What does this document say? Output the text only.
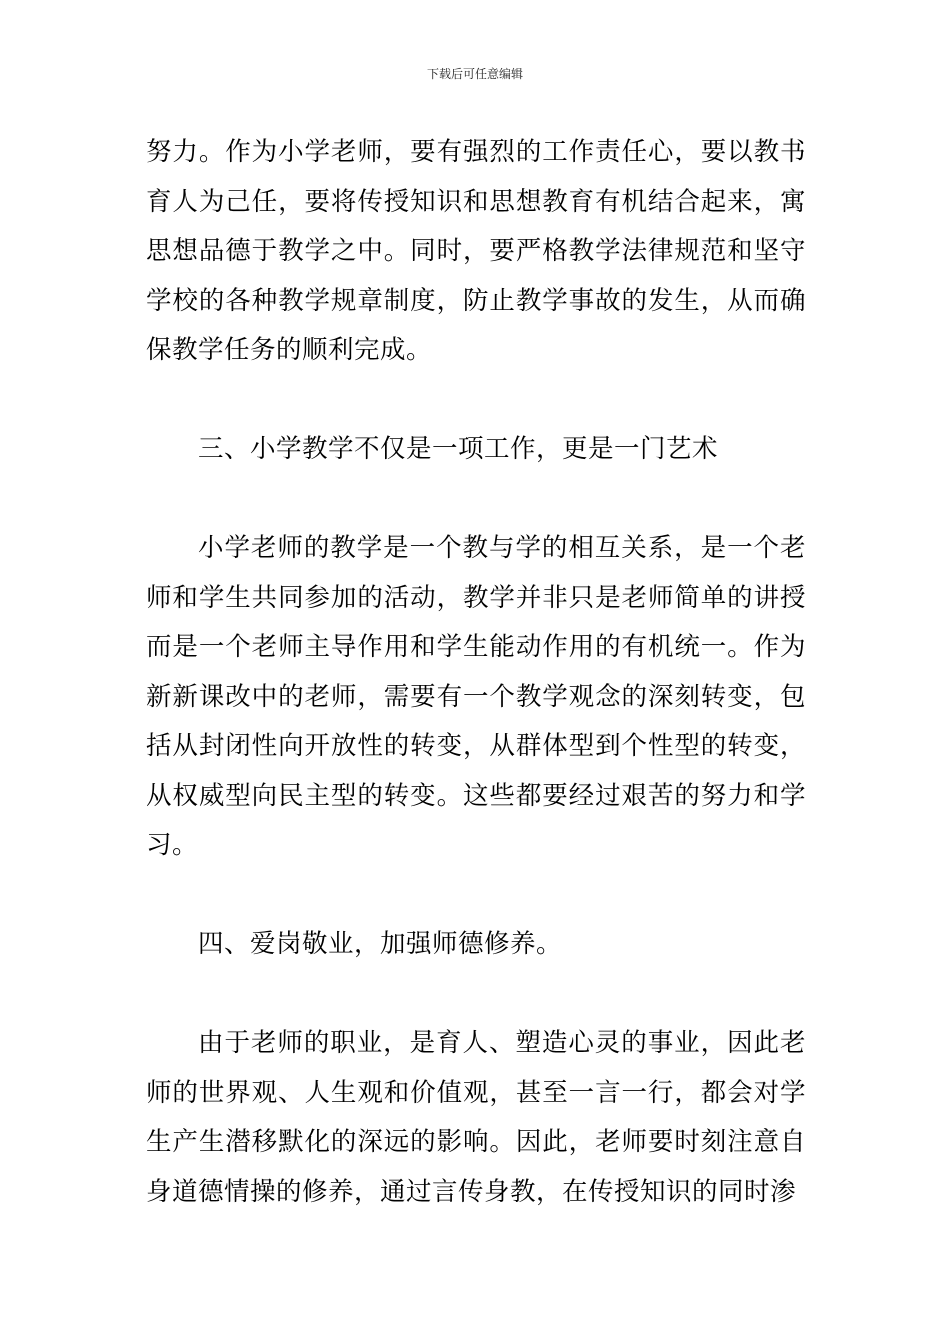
下载后可任意编辑

努力。作为小学老师，要有强烈的工作责任心，要以教书育人为己任，要将传授知识和思想教育有机结合起来，寓思想品德于教学之中。同时，要严格教学法律规范和坚守学校的各种教学规章制度，防止教学事故的发生，从而确保教学任务的顺利完成。

三、小学教学不仅是一项工作，更是一门艺术

小学老师的教学是一个教与学的相互关系，是一个老师和学生共同参加的活动，教学并非只是老师简单的讲授而是一个老师主导作用和学生能动作用的有机统一。作为新新课改中的老师，需要有一个教学观念的深刻转变，包括从封闭性向开放性的转变，从群体型到个性型的转变，从权威型向民主型的转变。这些都要经过艰苦的努力和学习。

四、爱岗敬业，加强师德修养。

由于老师的职业，是育人、塑造心灵的事业，因此老师的世界观、人生观和价值观，甚至一言一行，都会对学生产生潜移默化的深远的影响。因此，老师要时刻注意自身道德情操的修养，通过言传身教，在传授知识的同时渗
